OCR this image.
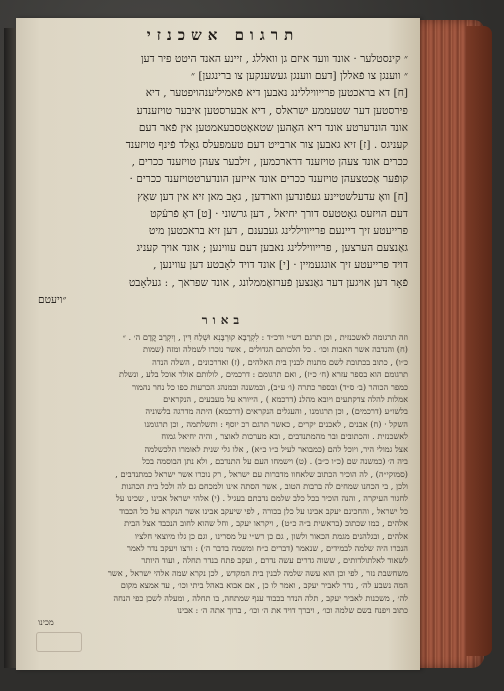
תרגום אשכנזי

״ קינסטלער · אונד וועד איזם גן וואללג , זיינע האנד היטט פיר דען

״ ווענגן צו פֿאללן [דעם ווענגן געשענקען צו ברינגען] ״

[ח] דא בראכטען פרייוויללינג נאבען דיא פֿאמיליענהויפטער , דיא

פירסטען דער שטעממע ישראלס , דיא אבערסטען איבער טויזענדע

אונד הונדערטע אונד דיא האֶהען שטאאַטסבעאמטען אין פֿאר דעם

קעניגס . [ז] זיא גאבען צור ארבייט דעם טעמפעלס גאָלד פֿינף טויזענד

ככרים אונד צעהן טויזענד דרארכמען , זילבער צעהן טויזענד ככרים ,

קופֿער אַכטצעהן טויזענד ככרים אונד אייזען הונדערטטויזענד ככרים ·

[ח] וואָ עדעלשטיינע געפֿונדען ווארדען , גאָב מאן זיא אין דען שאַץ

דעם הויזעס גאָטטעס דורך יחיאל , דען גרשוני · [ט] דאָ פֿרעֿקט

פרייעטע זיך דיינעם פרייוויללינג געבענם , דען זיא בראכטען מיט

גאַנצעם הערצען , פרייוויללינג נאבען דעם עווינען ; אונד אויך קעניג

דויד פרייעטע זיך אונגעמיין · [י] אונד דויד לאָבטע דען עווינען ,

פֿאָר דען אויגען דער גאַנצען פֿערזאַממלונג , אונד שפראך , : געלאָבט

״ויעטם

באור

וזה תרגומה לאשכנזית , וכן תרגם רש״י ודכ״ד : לִקְרָבָא קוּרְבָּנִא וּשְׁלַח דִּין , וְיִקְרַב קֳדָם ה׳ . ״

(ח) והנדבה אשר האבות וכו׳ . כל הלכותם הגדולים , אשר נוכרו לשמלה ומזה (שמות

כ״ו) , כתוב בכתובת לשם מתנות לבנין בית האלהים , (ז) ואדרכונים , השלה הנדה

תרגומם הוא בספר עזרא (ח׳ כ״ז) , ואם תרגומם : דרכמים , לולותם אולר אוכל בלע , ונשלת

כמפר הכוהר (ב׳ ס״ד) ובספר כתרה (ו׳ ע״ב), ובמשנה ובמנהג הכרעות כפו כל נחר נהמור

אמלות להלה צדקתעים ויובא מהלנ (דרכמא ) , הייורא על מעבעים , הנקראים

בלשו״ע (דרכמים) , וכן תרגומנו , והעגלים הנקראים (דרכמא) היתה מדרגה בלשוניה

השקל · (ח) אבנים , לאכנים יקרים , כאשר תרגם רכ יוסף : ותשלתמה , וכן תרגומנו

לאשכנזית . והכתובים ובר מהמתנדבים , ובא מערכות לאוצר , והיה יחיאל גמוח

אצל גמולי היר, ויוכל להם (כמבואר לעיל כ״ו כ״א) , אלו גלי שנית לאומרו הלכשלמה

ביה ה׳ (כמשנה שם (כ״ו כ״ב) . (ט) וישמחו העם על התנדבם , ולא נתן הבוסמה בכל

(סמוקי״ה) , לה הוכיר הכתוב שלאחוו מדברות עם ישראל , רק נוכרו אשר ישראל כמתנדבים ,

ולכן , בי הכחנו שמחים לה ברבות הטוב , אשר הסתה אינו ולמכחם גם לה ולכל בית הכהנות

לחגור העיקרה , והנה הוכיר בכל כלב שלמם נדבתם בעגיל . (י) אלהי ישראל אבינו , שכינו על

כל ישראל , והחכינם יעקב אבינו על כלן בכורה , לפי שיעקב אבינו אשר הנקרא על כל הכבוד

אלהים , כמו שכתוב (בראשית ב״ה כ״ט) , ויקראו יעקב , וחל שהוא לחוב הנכבד אצל הבית

אלהים , ובגלהנים מגמת הכאור ולשון , גם כן רש״י על מסרינו , וגם כן גלו מיוצאי חלציו

הנכרו היה שלמה לבמידים , שנאמר (דברים כ״ח ומשמה בדבר ה׳) : ורצו ויעקב נדר לאמר

לשאוד לאלתולדותים , ששוה גדרים עשה נדרם , ועקב פתח בנדר תחלה , ועוד היותר

משחשבת נזר , לפי וכן הוא עשה שלמה לבנין בית המקדש , לכן נקרא שמה אלהי ישראל , אשר

המה נשבע לה׳ , נדר לאביר יעקב , ואמר לו כן , אם אבוא באהל ביתי וכו׳ , עד אמצא מקום

לה׳ , משכנות לאביר יעקב , תלה הנדר בכבוד ענף שמתחה, בו תחלה , ומעלה לשכן כפי הנחה

כתוב ויפנח בשם שלמה וכו׳ , ויברך דויד את ה׳ וכו׳ , ברוך אתה ה׳ : אבינו

מכינו
